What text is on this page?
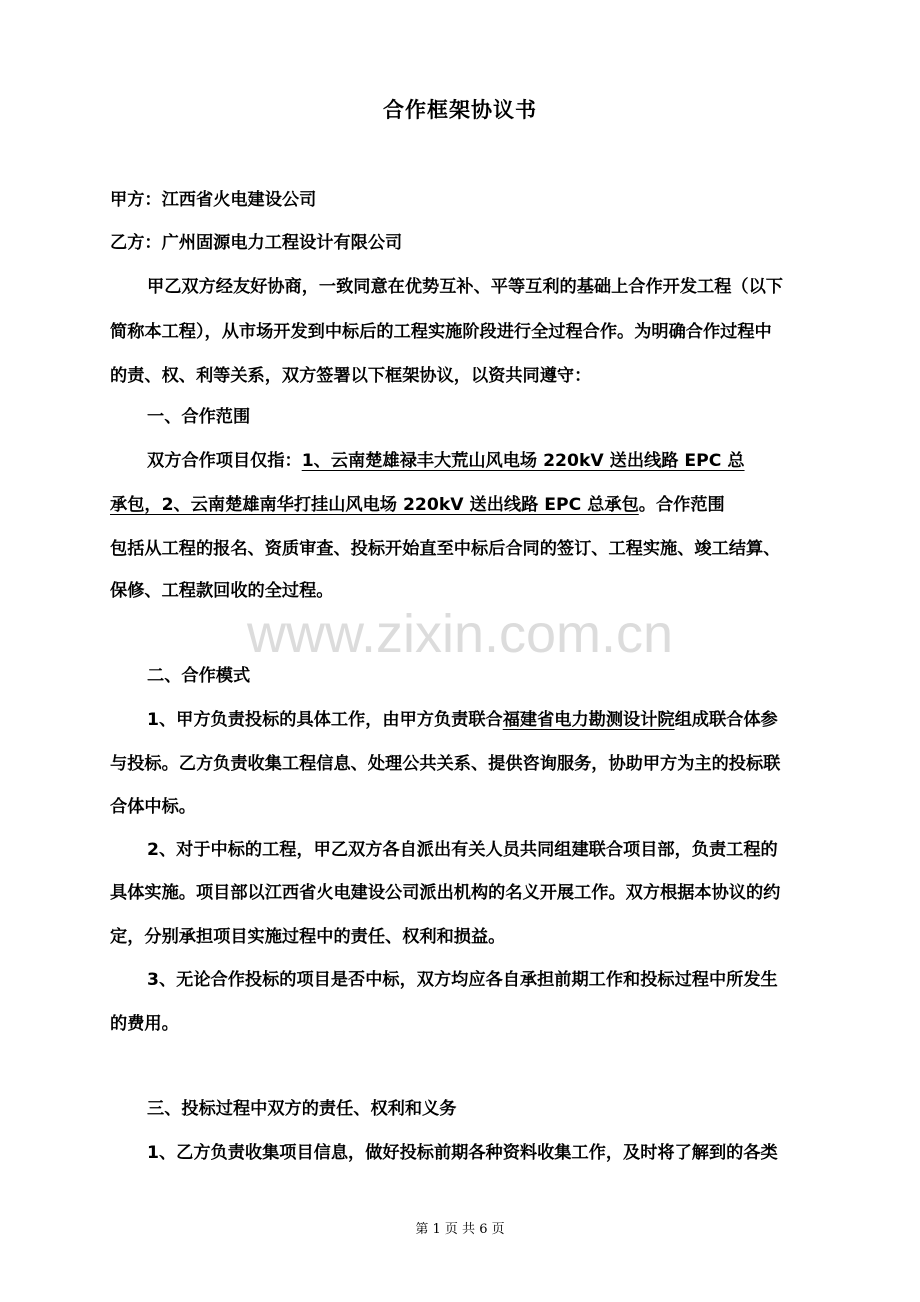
合作框架协议书
甲方：江西省火电建设公司
乙方：广州固源电力工程设计有限公司
甲乙双方经友好协商，一致同意在优势互补、平等互利的基础上合作开发工程（以下
简称本工程），从市场开发到中标后的工程实施阶段进行全过程合作。为明确合作过程中
的责、权、利等关系，双方签署以下框架协议，以资共同遵守：
一、合作范围
双方合作项目仅指：1、云南楚雄禄丰大荒山风电场 220kV 送出线路 EPC 总
承包，2、云南楚雄南华打挂山风电场 220kV 送出线路 EPC 总承包。合作范围
包括从工程的报名、资质审查、投标开始直至中标后合同的签订、工程实施、竣工结算、
保修、工程款回收的全过程。
www.zixin.com.cn
二、合作模式
1、甲方负责投标的具体工作，由甲方负责联合福建省电力勘测设计院组成联合体参
与投标。乙方负责收集工程信息、处理公共关系、提供咨询服务，协助甲方为主的投标联
合体中标。
2、对于中标的工程，甲乙双方各自派出有关人员共同组建联合项目部，负责工程的
具体实施。项目部以江西省火电建设公司派出机构的名义开展工作。双方根据本协议的约
定，分别承担项目实施过程中的责任、权利和损益。
3、无论合作投标的项目是否中标，双方均应各自承担前期工作和投标过程中所发生
的费用。
三、投标过程中双方的责任、权利和义务
1、乙方负责收集项目信息，做好投标前期各种资料收集工作，及时将了解到的各类
第 1 页 共 6 页
